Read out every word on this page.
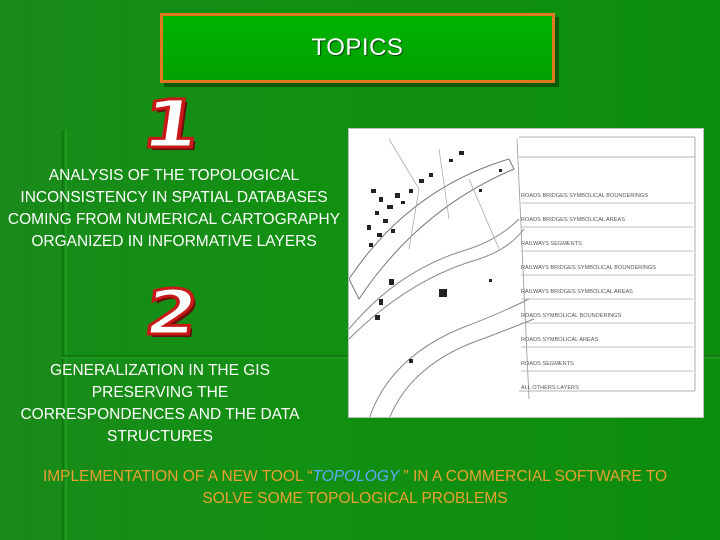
TOPICS
1
2
ANALYSIS OF THE TOPOLOGICAL INCONSISTENCY IN SPATIAL DATABASES COMING FROM NUMERICAL CARTOGRAPHY ORGANIZED IN INFORMATIVE LAYERS
GENERALIZATION IN THE GIS PRESERVING THE CORRESPONDENCES AND THE DATA STRUCTURES
IMPLEMENTATION OF A NEW TOOL “TOPOLOGY ” IN A COMMERCIAL SOFTWARE TO SOLVE SOME TOPOLOGICAL PROBLEMS
ROADS BRIDGES SYMBOLICAL BOUNDERINGS
ROADS BRIDGES SYMBOLICAL AREAS
RAILWAYS SEGMENTS
RAILWAYS BRIDGES SYMBOLICAL BOUNDERINGS
RAILWAYS BRIDGES SYMBOLICAL AREAS
ROADS SYMBOLICAL BOUNDERINGS
ROADS SYMBOLICAL AREAS
ROADS SEGMENTS
ALL OTHERS LAYERS
